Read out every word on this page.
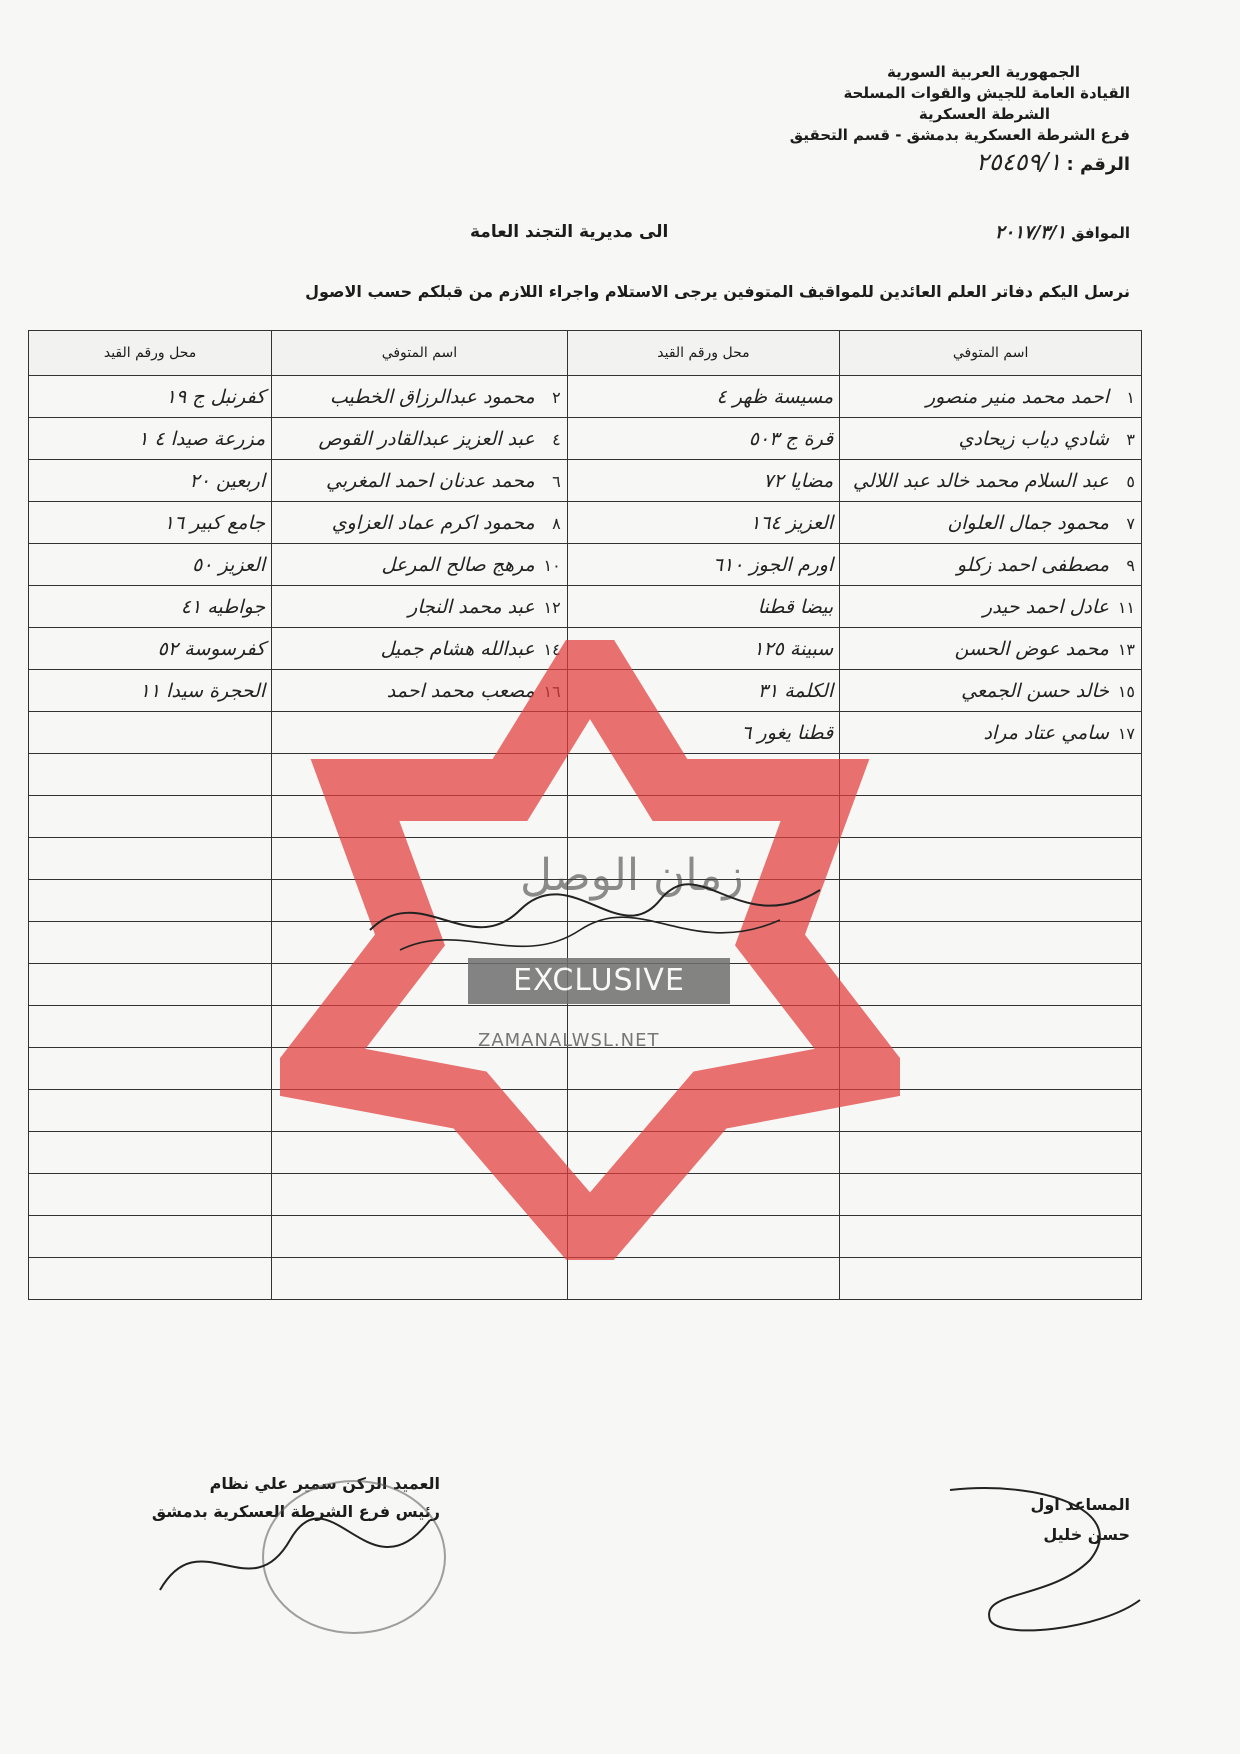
الجمهورية العربية السورية
القيادة العامة للجيش والقوات المسلحة
الشرطة العسكرية
فرع الشرطة العسكرية بدمشق - قسم التحقيق
الرقم : ٢٥٤٥٩/١
الموافق ٢٠١٧/٣/١
الى مديرية التجند العامة
نرسل اليكم دفاتر العلم العائدين للمواقيف المتوفين يرجى الاستلام واجراء اللازم من قبلكم حسب الاصول
اسم المتوفي	محل ورقم القيد	اسم المتوفي	محل ورقم القيد
١احمد محمد منير منصور	مسيسة ظهر ٤	٢محمود عبدالرزاق الخطيب	كفرنبل ج ١٩
٣شادي دياب زيحادي	قرة ج ٥٠٣	٤عبد العزيز عبدالقادر القوص	مزرعة صيدا ٤ ١
٥عبد السلام محمد خالد عبد اللالي	مضايا ٧٢	٦محمد عدنان احمد المغربي	اربعين ٢٠
٧محمود جمال العلوان	العزيز ١٦٤	٨محمود اكرم عماد العزاوي	جامع كبير ١٦
٩مصطفى احمد زكلو	اورم الجوز ٦١٠	١٠مرهج صالح المرعل	العزيز ٥٠
١١عادل احمد حيدر	بيضا قطنا	١٢عبد محمد النجار	جواطيه ٤١
١٣محمد عوض الحسن	سبينة ١٢٥	١٤عبدالله هشام جميل	كفرسوسة ٥٢
١٥خالد حسن الجمعي	الكلمة ٣١	١٦مصعب محمد احمد	الحجرة سيدا ١١
١٧سامي عتاد مراد	قطنا يغور ٦		

زمان الوصل
EXCLUSIVE
ZAMANALWSL.NET
العميد الركن سمير علي نظام
رئيس فرع الشرطة العسكرية بدمشق	المساعد اول
حسن خليل
